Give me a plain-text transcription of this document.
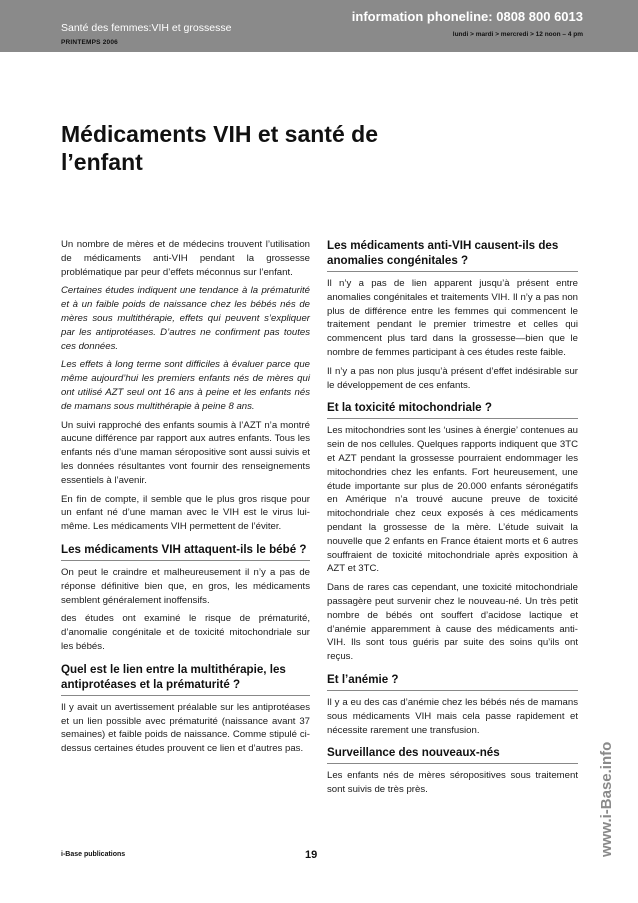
Santé des femmes:VIH et grossesse
PRINTEMPS 2006
information phoneline: 0808 800 6013
lundi > mardi > mercredi > 12 noon – 4 pm
Médicaments VIH et santé de l’enfant

Un nombre de mères et de médecins trouvent l’utilisation de médicaments anti-VIH pendant la grossesse problématique par peur d’effets méconnus sur l’enfant.

Certaines études indiquent une tendance à la prématurité et à un faible poids de naissance chez les bébés nés de mères sous multithérapie, effets qui peuvent s’expliquer par les antiprotéases. D’autres ne confirment pas toutes ces données.

Les effets à long terme sont difficiles à évaluer parce que même aujourd’hui les premiers enfants nés de mères qui ont utilisé AZT seul ont 16 ans à peine et les enfants nés de mamans sous multithérapie à peine 8 ans.

Un suivi rapproché des enfants soumis à l’AZT n’a montré aucune différence par rapport aux autres enfants. Tous les enfants nés d’une maman séropositive sont aussi suivis et les données résultantes vont fournir des renseignements essentiels à l’avenir.

En fin de compte, il semble que le plus gros risque pour un enfant né d’une maman avec le VIH est le virus lui-même. Les médicaments VIH permettent de l’éviter.

Les médicaments VIH attaquent-ils le bébé ?

On peut le craindre et malheureusement il n’y a pas de réponse définitive bien que, en gros, les médicaments semblent généralement inoffensifs.

des études ont examiné le risque de prématurité, d’anomalie congénitale et de toxicité mitochondriale sur les bébés.

Quel est le lien entre la multithérapie, les antiprotéases et la prématurité ?

Il y avait un avertissement préalable sur les antiprotéases et un lien possible avec prématurité (naissance avant 37 semaines) et faible poids de naissance. Comme stipulé ci-dessus certaines études prouvent ce lien et d’autres pas.

Les médicaments anti-VIH causent-ils des anomalies congénitales ?

Il n’y a pas de lien apparent jusqu’à présent entre anomalies congénitales et traitements VIH. Il n’y a pas non plus de différence entre les femmes qui commencent le traitement pendant le premier trimestre et celles qui commencent plus tard dans la grossesse—bien que le nombre de femmes participant à ces études reste faible.

Il n’y a pas non plus jusqu’à présent d’effet indésirable sur le développement de ces enfants.

Et la toxicité mitochondriale ?

Les mitochondries sont les ‘usines à énergie’ contenues au sein de nos cellules. Quelques rapports indiquent que 3TC et AZT pendant la grossesse pourraient endommager les mitochondries chez les enfants. Fort heureusement, une étude importante sur plus de 20.000 enfants séronégatifs en Amérique n’a trouvé aucune preuve de toxicité mitochondriale chez ceux exposés à ces médicaments pendant la grossesse de la mère. L’étude suivait la nouvelle que 2 enfants en France étaient morts et 6 autres souffraient de toxicité mitochondriale après exposition à AZT et 3TC.

Dans de rares cas cependant, une toxicité mitochondriale passagère peut survenir chez le nouveau-né. Un très petit nombre de bébés ont souffert d’acidose lactique et d’anémie apparemment à cause des médicaments anti-VIH. Ils sont tous guéris par suite des soins qu’ils ont reçus.

Et l’anémie ?

Il y a eu des cas d’anémie chez les bébés nés de mamans sous médicaments VIH mais cela passe rapidement et nécessite rarement une transfusion.

Surveillance des nouveaux-nés

Les enfants nés de mères séropositives sous traitement sont suivis de très près.	www.i-Base.info
i-Base publications	19
